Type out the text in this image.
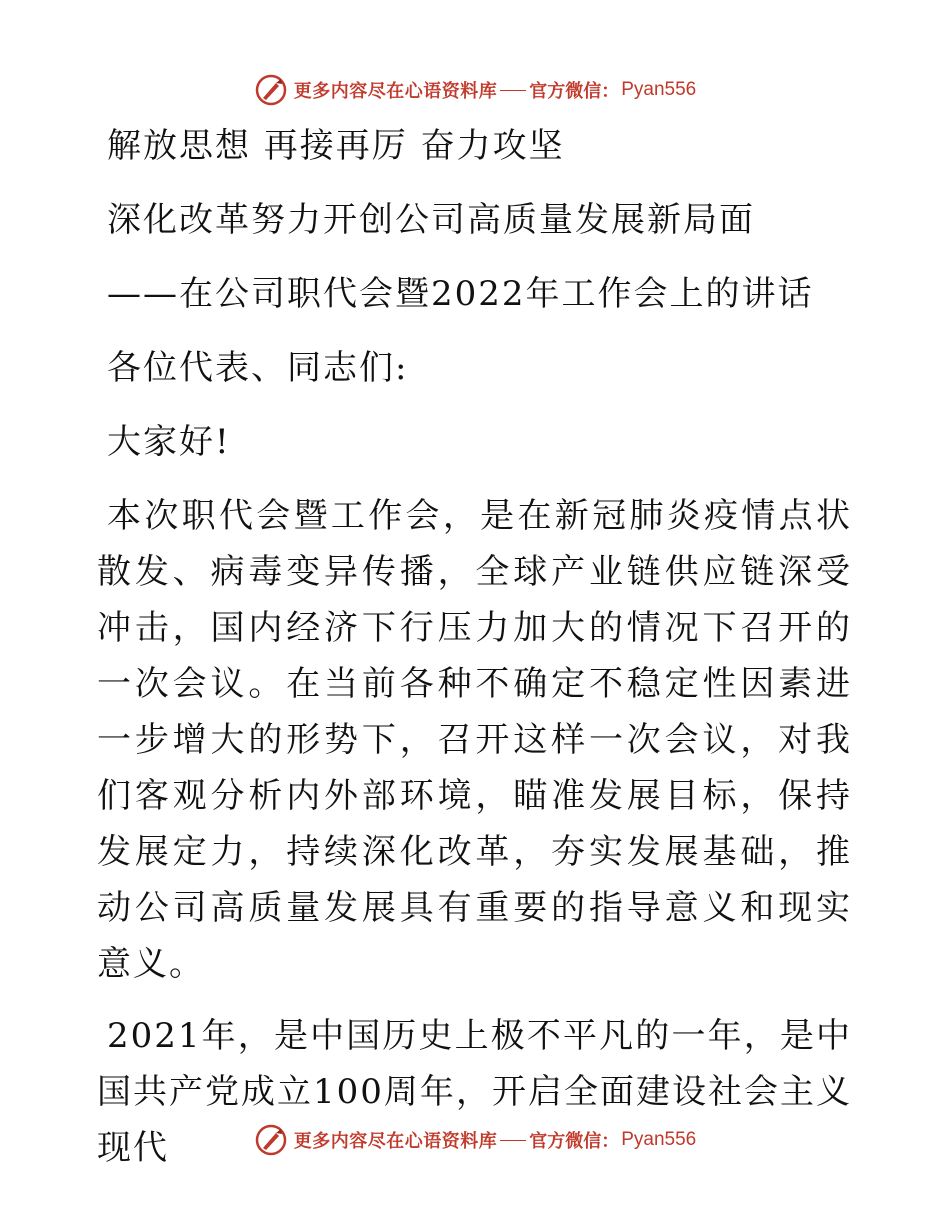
更多内容尽在心语资料库 官方微信： Pyan556

解放思想 再接再厉 奋力攻坚

深化改革努力开创公司高质量发展新局面

——在公司职代会暨2022年工作会上的讲话

各位代表、同志们:

大家好!

本次职代会暨工作会，是在新冠肺炎疫情点状散发、病毒变异传播，全球产业链供应链深受冲击，国内经济下行压力加大的情况下召开的一次会议。在当前各种不确定不稳定性因素进一步增大的形势下，召开这样一次会议，对我们客观分析内外部环境，瞄准发展目标，保持发展定力，持续深化改革，夯实发展基础，推动公司高质量发展具有重要的指导意义和现实意义。

2021年，是中国历史上极不平凡的一年，是中国共产党成立100周年，开启全面建设社会主义现代	更多内容尽在心语资料库 官方微信： Pyan556
